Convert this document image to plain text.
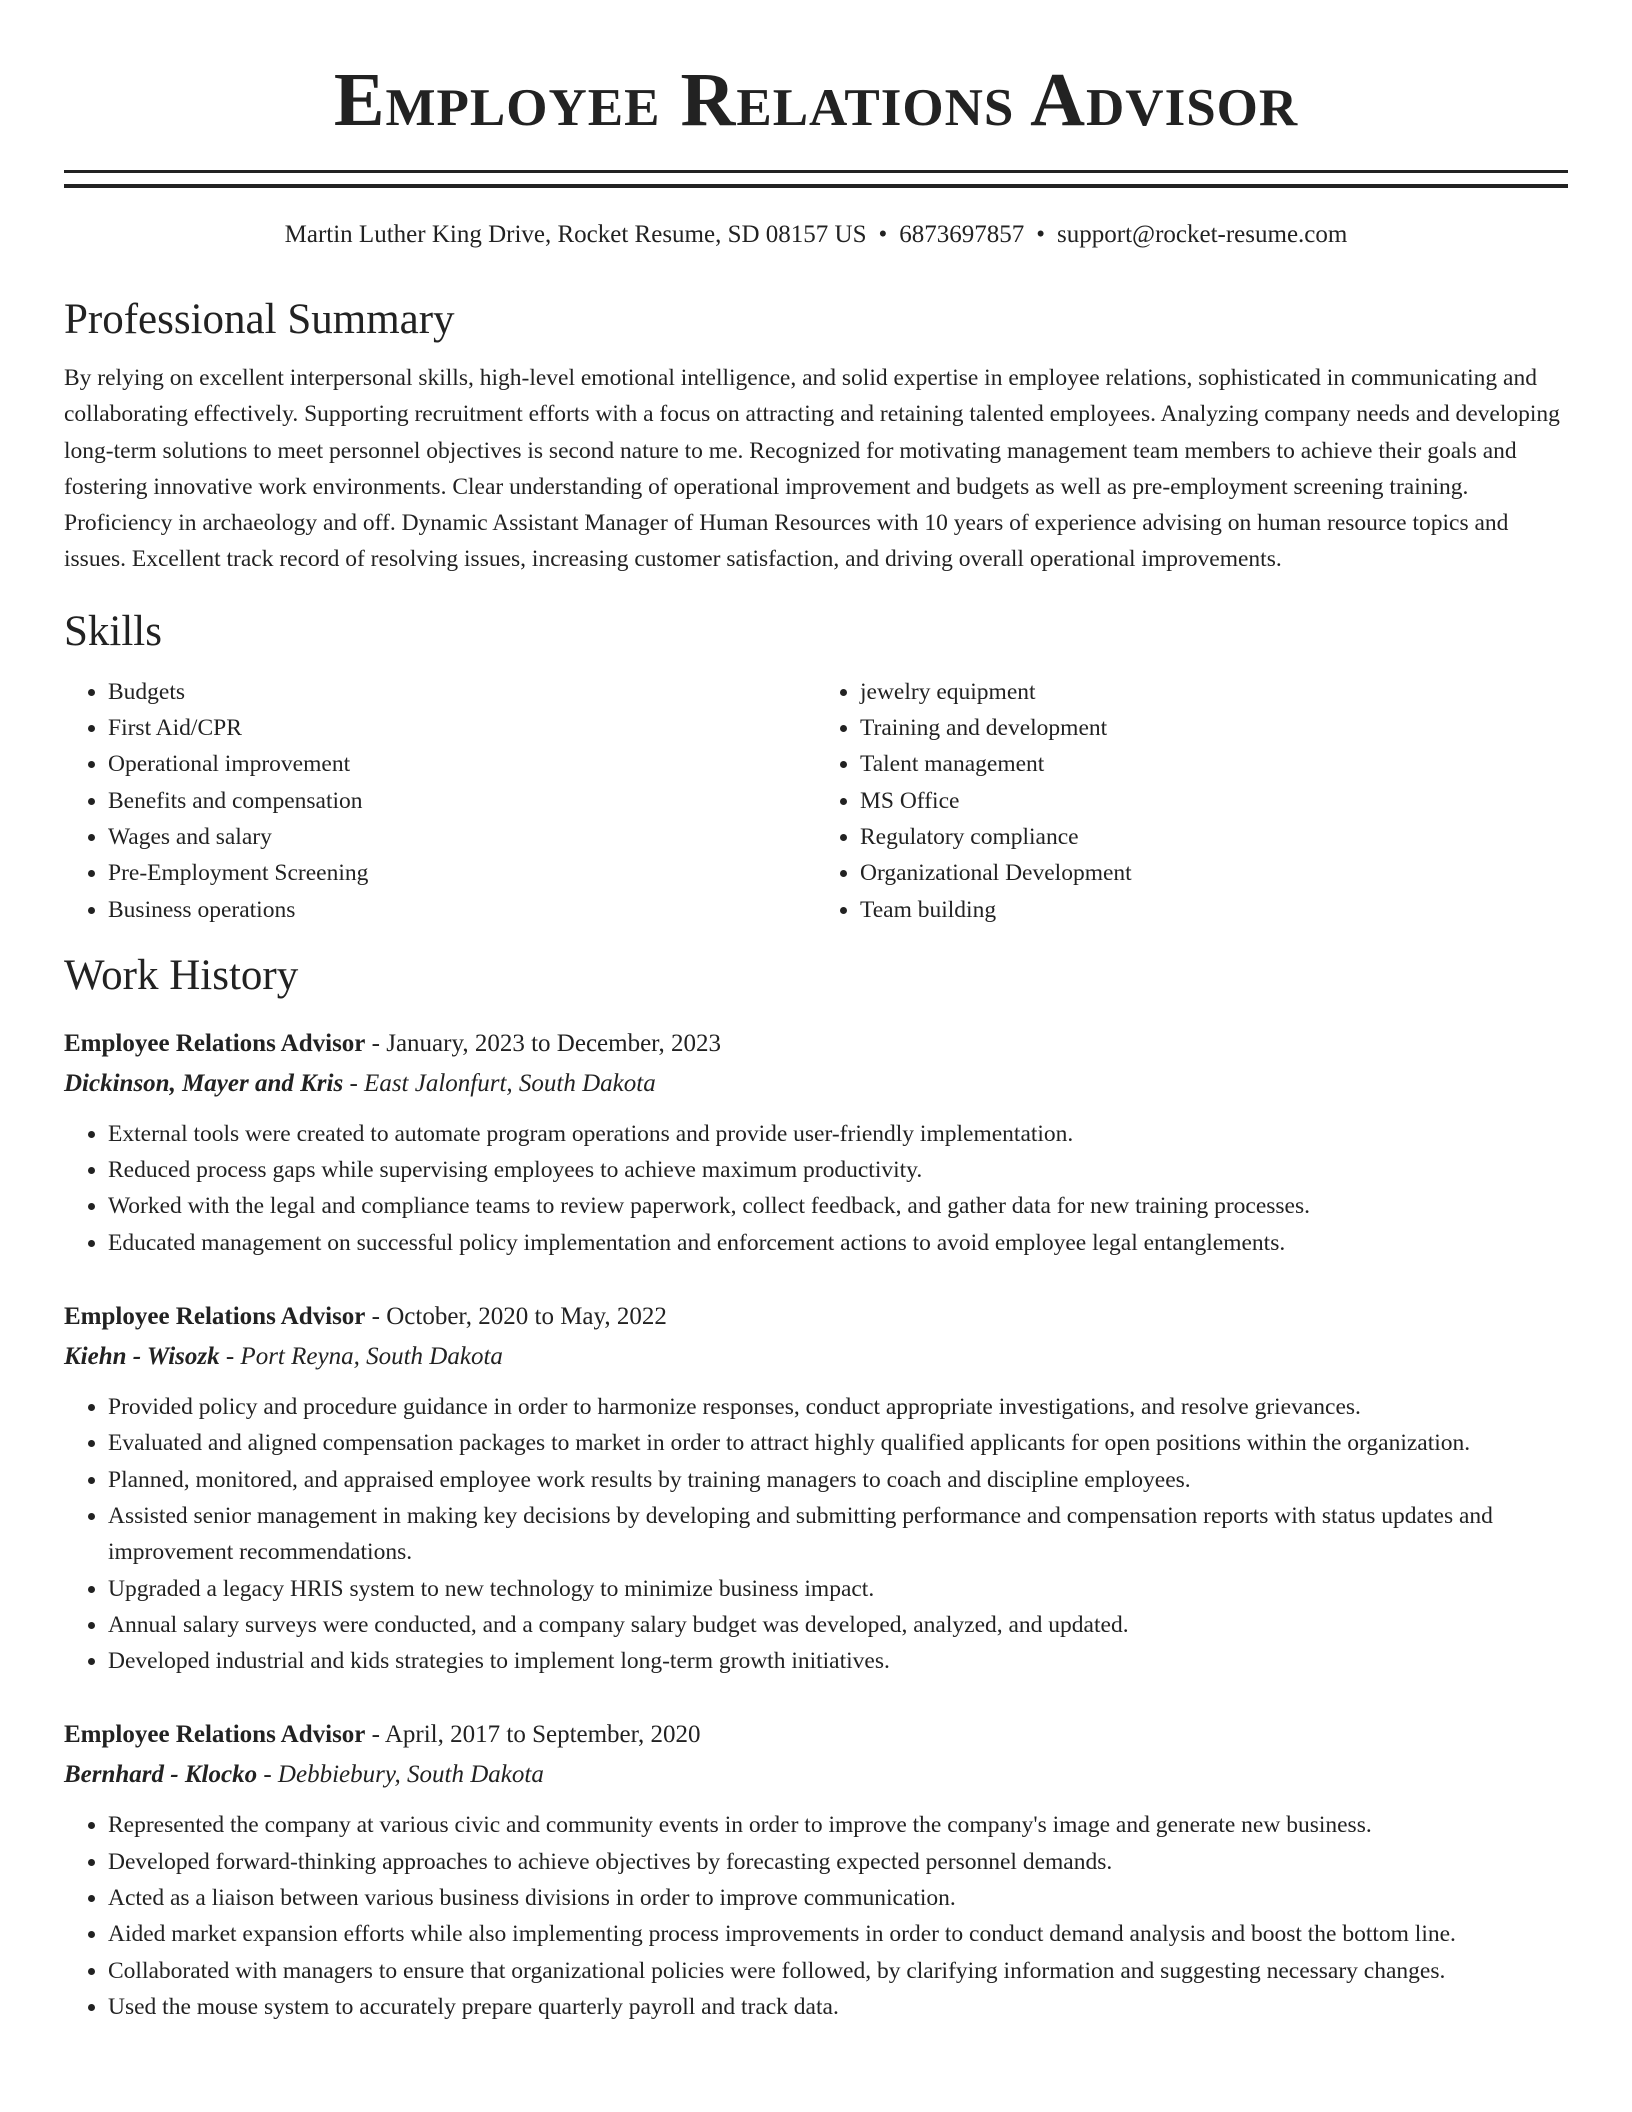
Employee Relations Advisor
Martin Luther King Drive, Rocket Resume, SD 08157 US • 6873697857 • support@rocket-resume.com
Professional Summary

By relying on excellent interpersonal skills, high-level emotional intelligence, and solid expertise in employee relations, sophisticated in communicating and collaborating effectively. Supporting recruitment efforts with a focus on attracting and retaining talented employees. Analyzing company needs and developing long-term solutions to meet personnel objectives is second nature to me. Recognized for motivating management team members to achieve their goals and fostering innovative work environments. Clear understanding of operational improvement and budgets as well as pre-employment screening training. Proficiency in archaeology and off. Dynamic Assistant Manager of Human Resources with 10 years of experience advising on human resource topics and issues. Excellent track record of resolving issues, increasing customer satisfaction, and driving overall operational improvements.

Skills
• Budgets
• First Aid/CPR
• Operational improvement
• Benefits and compensation
• Wages and salary
• Pre-Employment Screening
• Business operations
• jewelry equipment
• Training and development
• Talent management
• MS Office
• Regulatory compliance
• Organizational Development
• Team building
Work History
Employee Relations Advisor - January, 2023 to December, 2023
Dickinson, Mayer and Kris - East Jalonfurt, South Dakota
• External tools were created to automate program operations and provide user-friendly implementation.
• Reduced process gaps while supervising employees to achieve maximum productivity.
• Worked with the legal and compliance teams to review paperwork, collect feedback, and gather data for new training processes.
• Educated management on successful policy implementation and enforcement actions to avoid employee legal entanglements.
Employee Relations Advisor - October, 2020 to May, 2022
Kiehn - Wisozk - Port Reyna, South Dakota
• Provided policy and procedure guidance in order to harmonize responses, conduct appropriate investigations, and resolve grievances.
• Evaluated and aligned compensation packages to market in order to attract highly qualified applicants for open positions within the organization.
• Planned, monitored, and appraised employee work results by training managers to coach and discipline employees.
• Assisted senior management in making key decisions by developing and submitting performance and compensation reports with status updates and improvement recommendations.
• Upgraded a legacy HRIS system to new technology to minimize business impact.
• Annual salary surveys were conducted, and a company salary budget was developed, analyzed, and updated.
• Developed industrial and kids strategies to implement long-term growth initiatives.
Employee Relations Advisor - April, 2017 to September, 2020
Bernhard - Klocko - Debbiebury, South Dakota
• Represented the company at various civic and community events in order to improve the company's image and generate new business.
• Developed forward-thinking approaches to achieve objectives by forecasting expected personnel demands.
• Acted as a liaison between various business divisions in order to improve communication.
• Aided market expansion efforts while also implementing process improvements in order to conduct demand analysis and boost the bottom line.
• Collaborated with managers to ensure that organizational policies were followed, by clarifying information and suggesting necessary changes.
• Used the mouse system to accurately prepare quarterly payroll and track data.
